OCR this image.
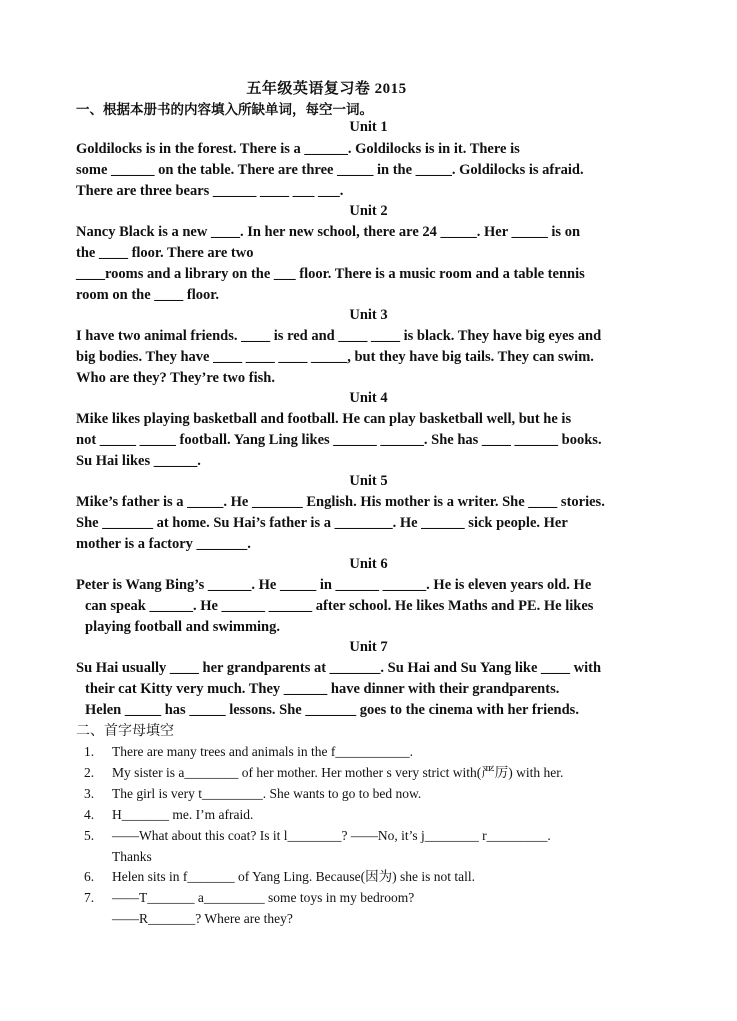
五年级英语复习卷 2015
一、根据本册书的内容填入所缺单词，每空一词。
Unit 1
Goldilocks is in the forest. There is a ______. Goldilocks is in it. There is
some ______ on the table. There are three _____ in the _____. Goldilocks is afraid.
There are three bears ______ ____ ___ ___.
Unit 2
Nancy Black is a new ____. In her new school, there are 24 _____. Her _____ is on
the ____ floor. There are two
____rooms and a library on the ___ floor. There is a music room and a table tennis
room on the ____ floor.
Unit 3
I have two animal friends. ____ is red and ____ ____ is black. They have big eyes and
big bodies. They have ____ ____ ____ _____, but they have big tails. They can swim.
Who are they? They’re two fish.
Unit 4
Mike likes playing basketball and football. He can play basketball well, but he is
not _____ _____ football. Yang Ling likes ______ ______. She has ____ ______ books.
Su Hai likes ______.
Unit 5
Mike’s father is a _____. He _______ English. His mother is a writer. She ____ stories.
She _______ at home. Su Hai’s father is a ________. He ______ sick people. Her
mother is a factory _______.
Unit 6
Peter is Wang Bing’s ______. He _____ in ______ ______. He is eleven years old. He
can speak ______. He ______ ______ after school. He likes Maths and PE. He likes
playing football and swimming.
Unit 7
Su Hai usually ____ her grandparents at _______. Su Hai and Su Yang like ____ with
their cat Kitty very much. They ______ have dinner with their grandparents.
Helen _____ has _____ lessons. She _______ goes to the cinema with her friends.
二、首字母填空
1. There are many trees and animals in the f___________.
2. My sister is a________ of her mother. Her mother s very strict with(严厉) with her.
3. The girl is very t_________. She wants to go to bed now.
4. H_______ me. I’m afraid.
5. ——What about this coat? Is it l________? ——No, it’s j________ r_________.
Thanks
6. Helen sits in f_______ of Yang Ling. Because(因为) she is not tall.
7. ——T_______ a_________ some toys in my bedroom?
——R_______? Where are they?
